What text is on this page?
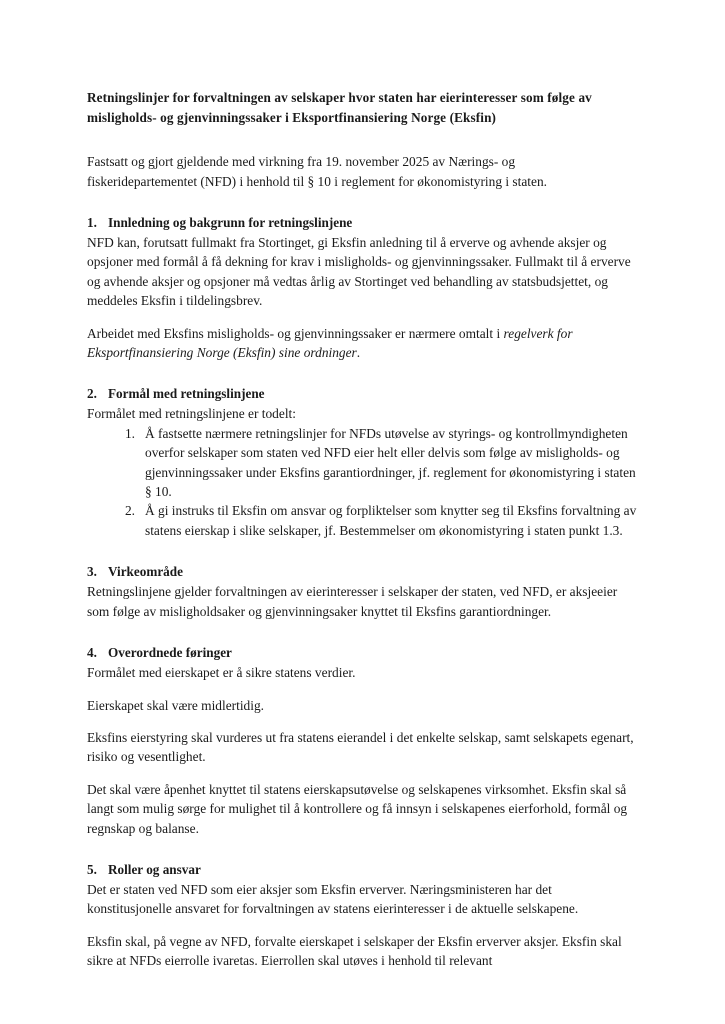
Retningslinjer for forvaltningen av selskaper hvor staten har eierinteresser som følge av
misligholds- og gjenvinningssaker i Eksportfinansiering Norge (Eksfin)

Fastsatt og gjort gjeldende med virkning fra 19. november 2025 av Nærings- og fiskeridepartementet (NFD) i henhold til § 10 i reglement for økonomistyring i staten.

1. Innledning og bakgrunn for retningslinjene

NFD kan, forutsatt fullmakt fra Stortinget, gi Eksfin anledning til å erverve og avhende aksjer og opsjoner med formål å få dekning for krav i misligholds- og gjenvinningssaker. Fullmakt til å erverve og avhende aksjer og opsjoner må vedtas årlig av Stortinget ved behandling av statsbudsjettet, og meddeles Eksfin i tildelingsbrev.

Arbeidet med Eksfins misligholds- og gjenvinningssaker er nærmere omtalt i regelverk for Eksportfinansiering Norge (Eksfin) sine ordninger.

2. Formål med retningslinjene

Formålet med retningslinjene er todelt:

1. Å fastsette nærmere retningslinjer for NFDs utøvelse av styrings- og kontrollmyndigheten overfor selskaper som staten ved NFD eier helt eller delvis som følge av misligholds- og gjenvinningssaker under Eksfins garantiordninger, jf. reglement for økonomistyring i staten § 10.
2. Å gi instruks til Eksfin om ansvar og forpliktelser som knytter seg til Eksfins forvaltning av statens eierskap i slike selskaper, jf. Bestemmelser om økonomistyring i staten punkt 1.3.
3. Virkeområde

Retningslinjene gjelder forvaltningen av eierinteresser i selskaper der staten, ved NFD, er aksjeeier som følge av misligholdsaker og gjenvinningsaker knyttet til Eksfins garantiordninger.

4. Overordnede føringer

Formålet med eierskapet er å sikre statens verdier.

Eierskapet skal være midlertidig.

Eksfins eierstyring skal vurderes ut fra statens eierandel i det enkelte selskap, samt selskapets egenart, risiko og vesentlighet.

Det skal være åpenhet knyttet til statens eierskapsutøvelse og selskapenes virksomhet. Eksfin skal så langt som mulig sørge for mulighet til å kontrollere og få innsyn i selskapenes eierforhold, formål og regnskap og balanse.

5. Roller og ansvar

Det er staten ved NFD som eier aksjer som Eksfin erverver. Næringsministeren har det konstitusjonelle ansvaret for forvaltningen av statens eierinteresser i de aktuelle selskapene.

Eksfin skal, på vegne av NFD, forvalte eierskapet i selskaper der Eksfin erverver aksjer. Eksfin skal sikre at NFDs eierrolle ivaretas. Eierrollen skal utøves i henhold til relevant
